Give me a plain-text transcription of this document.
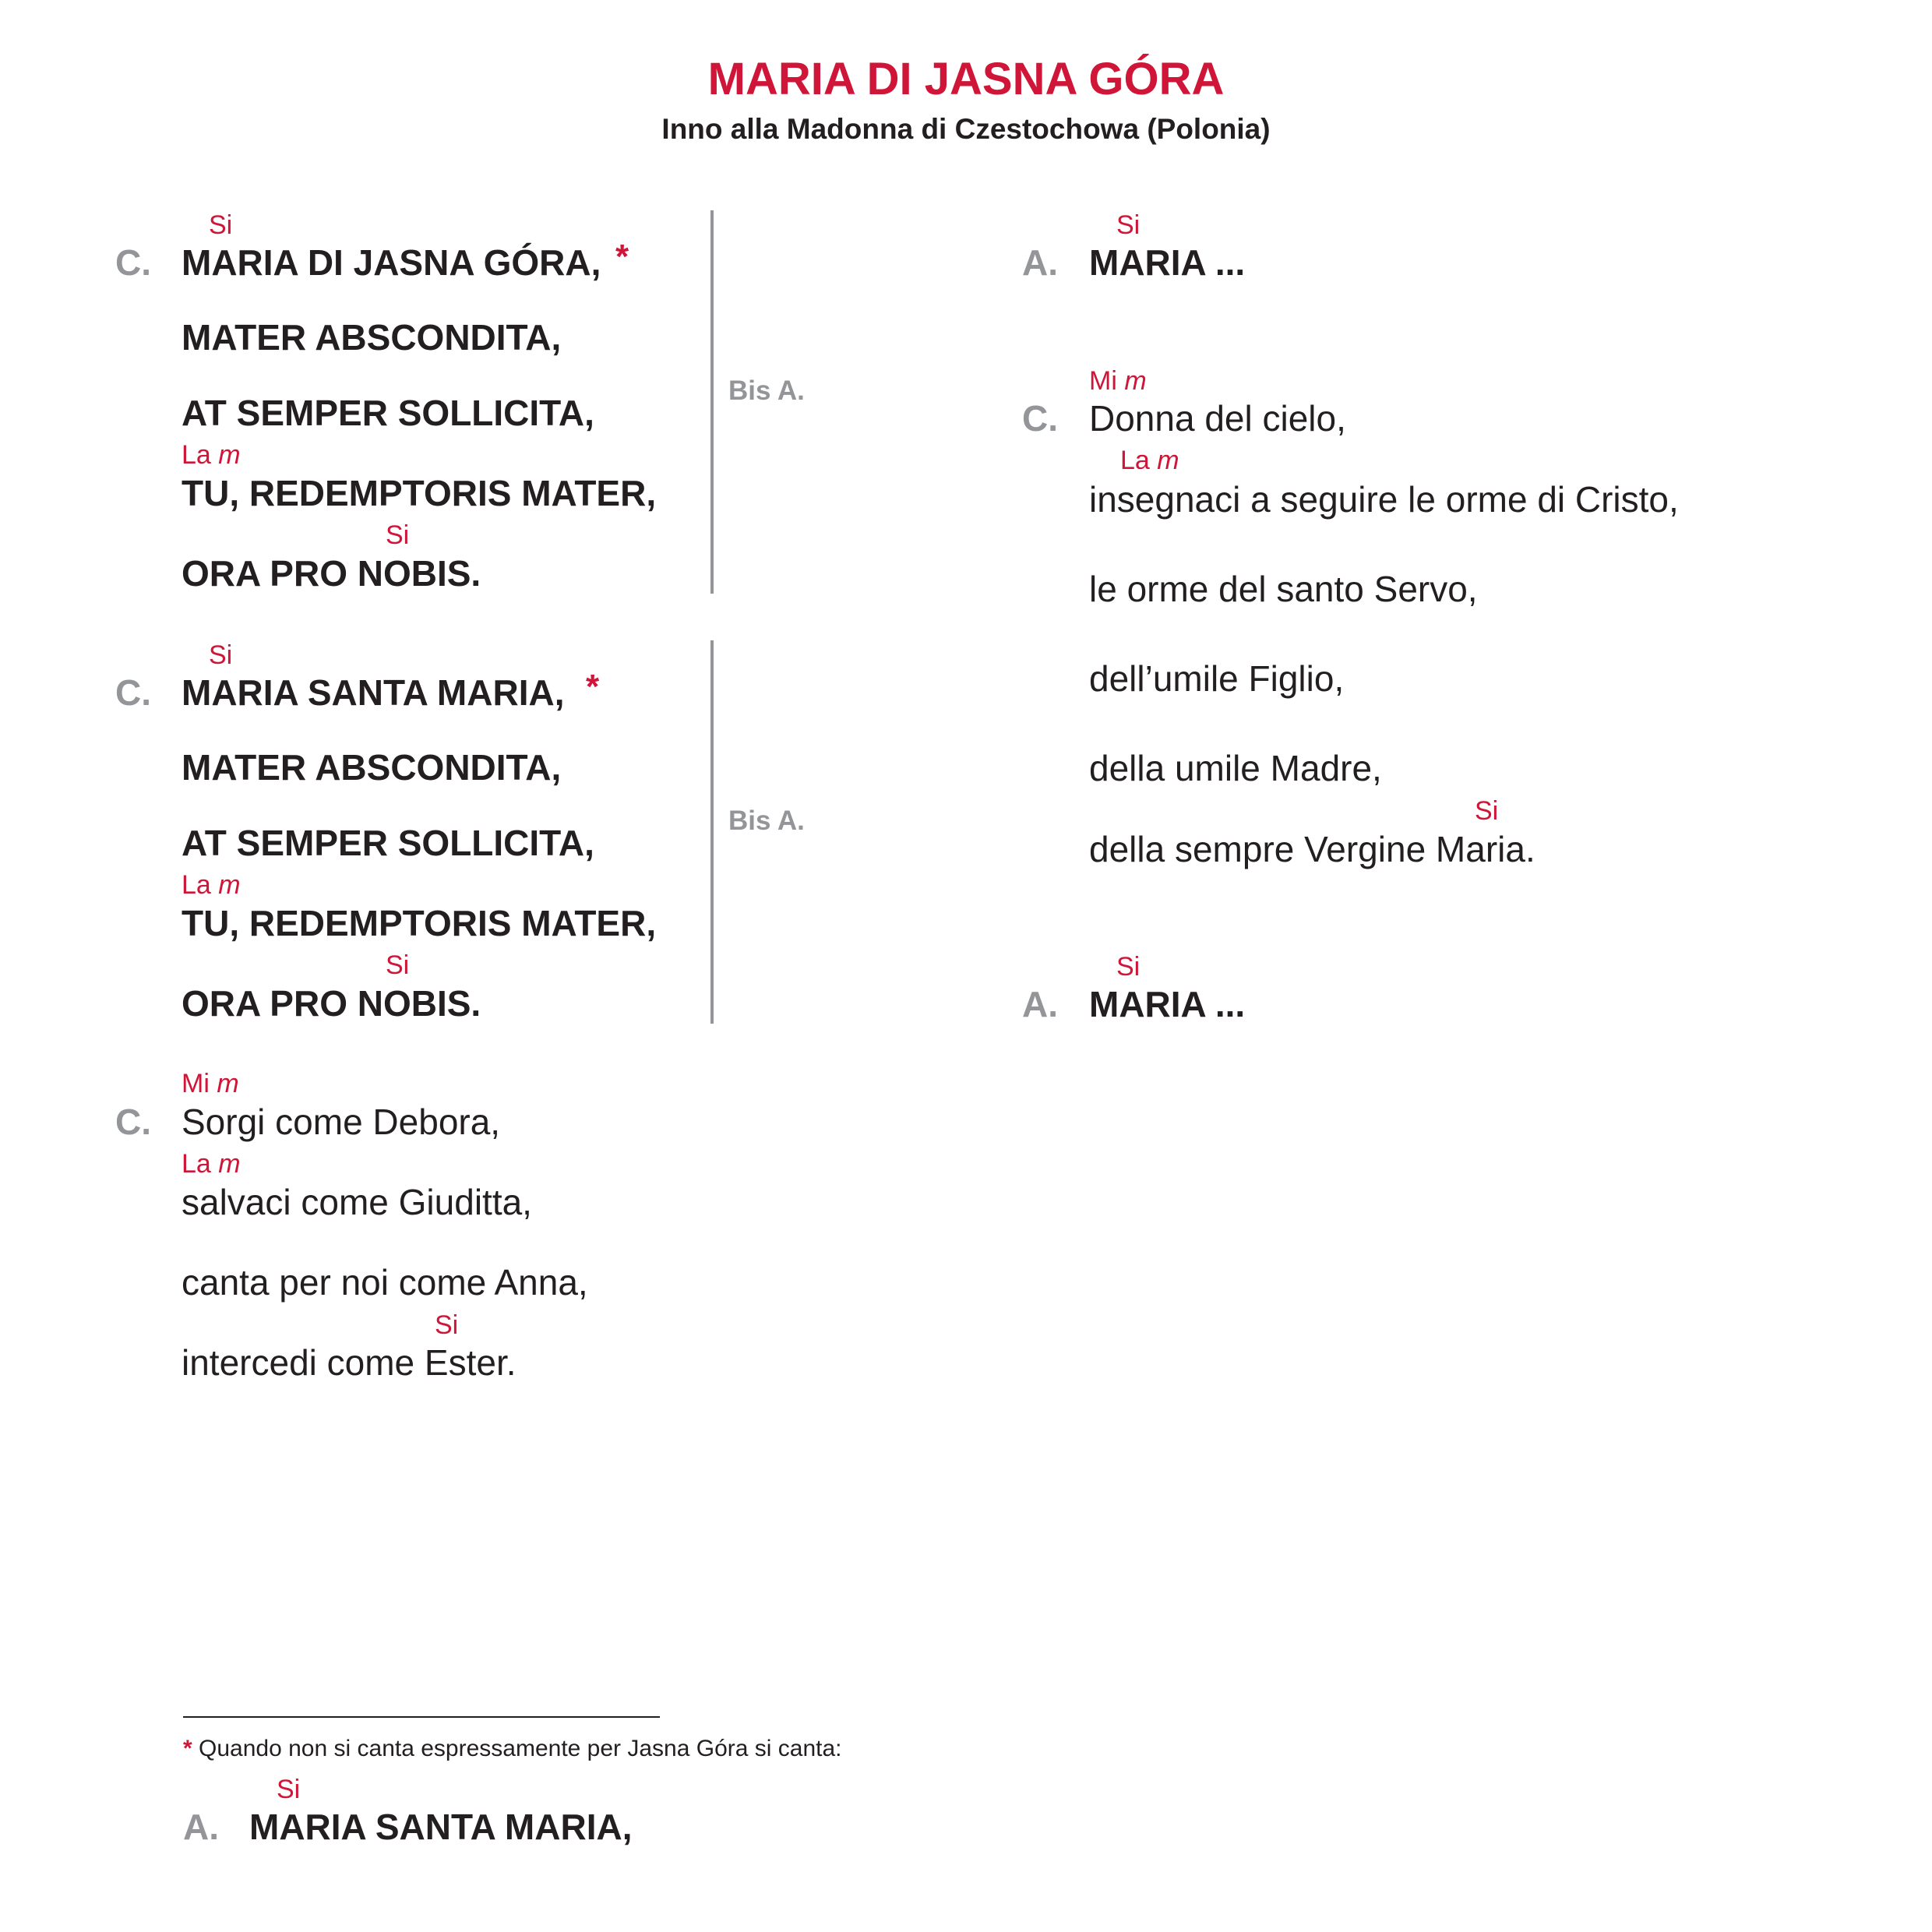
MARIA DI JASNA GÓRA
Inno alla Madonna di Czestochowa (Polonia)
Si
C. MARIA DI JASNA GÓRA, *
MATER ABSCONDITA,
AT SEMPER SOLLICITA,
La m
TU, REDEMPTORIS MATER,
Si
ORA PRO NOBIS.
Bis A.
Si
C. MARIA SANTA MARIA, *
MATER ABSCONDITA,
AT SEMPER SOLLICITA,
La m
TU, REDEMPTORIS MATER,
Si
ORA PRO NOBIS.
Bis A.
Mi m
C. Sorgi come Debora,
La m
salvaci come Giuditta,
canta per noi come Anna,
Si
intercedi come Ester.
Si
A. MARIA ...
Mi m
C. Donna del cielo,
La m
insegnaci a seguire le orme di Cristo,
le orme del santo Servo,
dell’umile Figlio,
della umile Madre,
Si
della sempre Vergine Maria.
Si
A. MARIA ...
* Quando non si canta espressamente per Jasna Góra si canta:
Si
A. MARIA SANTA MARIA,
